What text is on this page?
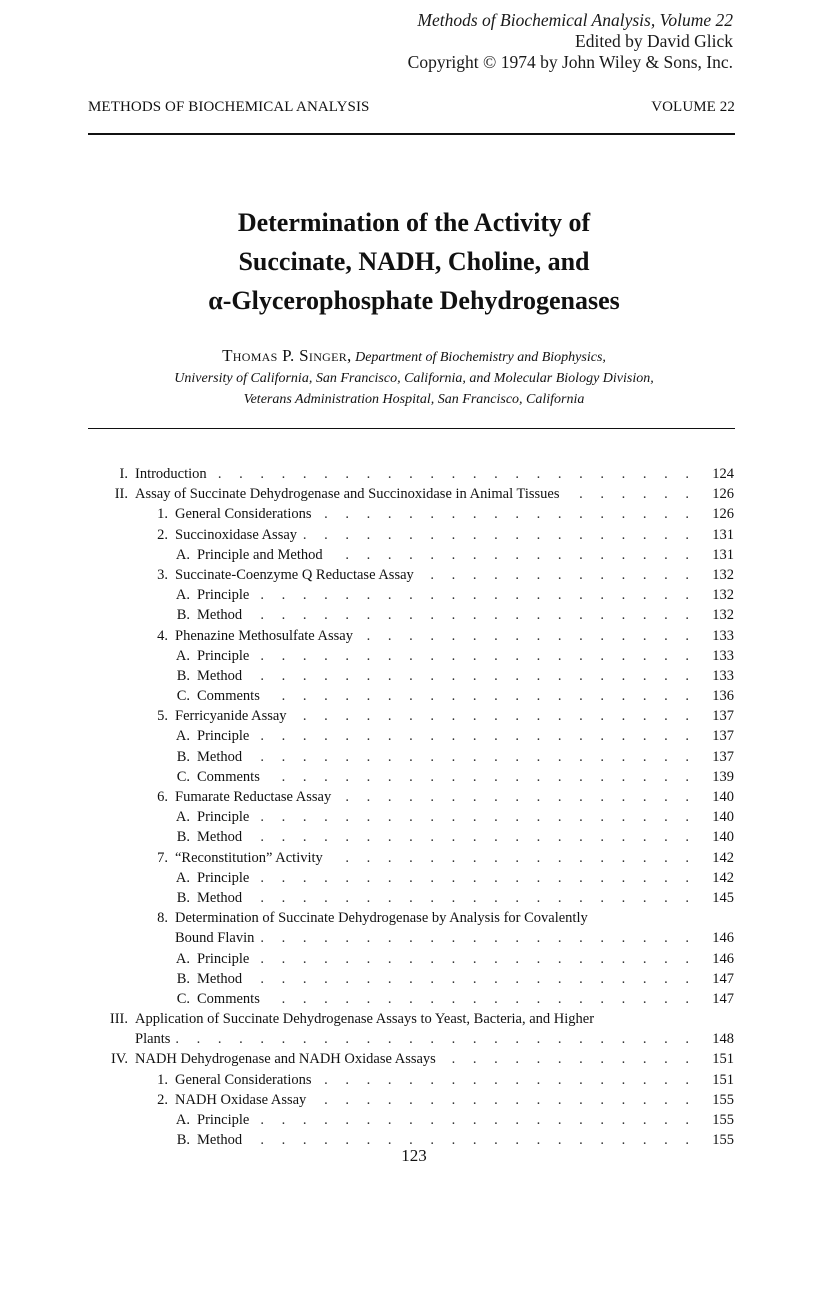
Methods of Biochemical Analysis, Volume 22
Edited by David Glick
Copyright © 1974 by John Wiley & Sons, Inc.
METHODS OF BIOCHEMICAL ANALYSIS	VOLUME 22
Determination of the Activity of
Succinate, NADH, Choline, and
α-Glycerophosphate Dehydrogenases
Thomas P. Singer, Department of Biochemistry and Biophysics,
University of California, San Francisco, California, and Molecular Biology Division,
Veterans Administration Hospital, San Francisco, California
I. Introduction . . .	124
II. Assay of Succinate Dehydrogenase and Succinoxidase in Animal Tissues . . .	126
1. General Considerations . . .	126
2. Succinoxidase Assay . . .	131
A. Principle and Method . . .	131
3. Succinate-Coenzyme Q Reductase Assay . . .	132
A. Principle . . .	132
B. Method . . .	132
4. Phenazine Methosulfate Assay . . .	133
A. Principle . . .	133
B. Method . . .	133
C. Comments . . .	136
5. Ferricyanide Assay . . .	137
A. Principle . . .	137
B. Method . . .	137
C. Comments . . .	139
6. Fumarate Reductase Assay . . .	140
A. Principle . . .	140
B. Method . . .	140
7. “Reconstitution” Activity . . .	142
A. Principle . . .	142
B. Method . . .	145
8. Determination of Succinate Dehydrogenase by Analysis for Covalently
Bound Flavin . . .	146
A. Principle . . .	146
B. Method . . .	147
C. Comments . . .	147
III. Application of Succinate Dehydrogenase Assays to Yeast, Bacteria, and Higher
Plants . . .	148
IV. NADH Dehydrogenase and NADH Oxidase Assays . . .	151
1. General Considerations . . .	151
2. NADH Oxidase Assay . . .	155
A. Principle . . .	155
B. Method . . .	155
123
